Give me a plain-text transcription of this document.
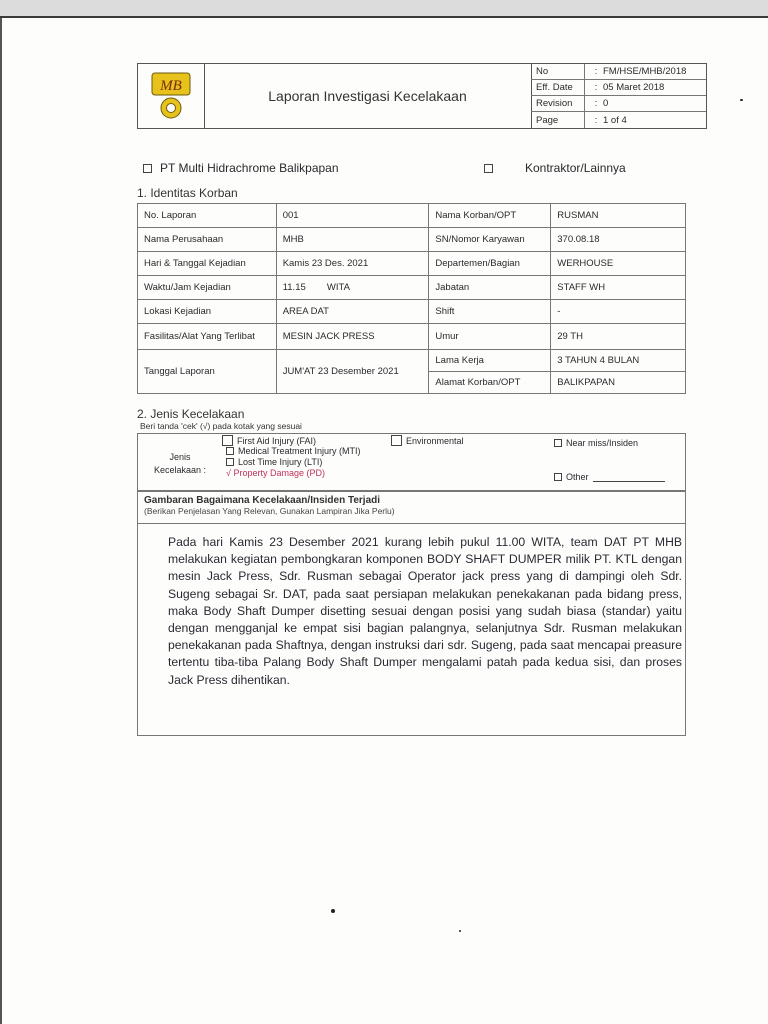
MB
Laporan Investigasi Kecelakaan
No	: FM/HSE/MHB/2018
Eff. Date	: 05 Maret 2018
Revision	: 0
Page	: 1 of 4
PT Multi Hidrachrome Balikpapan	Kontraktor/Lainnya
1. Identitas Korban
No. Laporan	001	Nama Korban/OPT	RUSMAN
Nama Perusahaan	MHB	SN/Nomor Karyawan	370.08.18
Hari & Tanggal Kejadian	Kamis 23 Des. 2021	Departemen/Bagian	WERHOUSE
Waktu/Jam Kejadian	11.15        WITA	Jabatan	STAFF WH
Lokasi Kejadian	AREA DAT	Shift	-
Fasilitas/Alat Yang Terlibat	MESIN JACK PRESS	Umur	29 TH
Tanggal Laporan	JUM'AT 23 Desember 2021	Lama Kerja	3 TAHUN 4 BULAN
		Alamat Korban/OPT	BALIKPAPAN
2. Jenis Kecelakaan
Beri tanda 'cek' (√) pada kotak yang sesuai
Jenis Kecelakaan :
First Aid Injury (FAI)
Medical Treatment Injury (MTI)
Lost Time Injury (LTI)
√ Property Damage (PD)
Environmental	Near miss/Insiden
Other
Gambaran Bagaimana Kecelakaan/Insiden Terjadi
(Berikan Penjelasan Yang Relevan, Gunakan Lampiran Jika Perlu)
Pada hari Kamis 23 Desember 2021 kurang lebih pukul 11.00 WITA, team DAT PT MHB melakukan kegiatan pembongkaran komponen BODY SHAFT DUMPER milik PT. KTL dengan mesin Jack Press, Sdr. Rusman sebagai Operator jack press yang di dampingi oleh Sdr. Sugeng sebagai Sr. DAT, pada saat persiapan melakukan penekakanan pada bidang press, maka Body Shaft Dumper disetting sesuai dengan posisi yang sudah biasa (standar) yaitu dengan mengganjal ke empat sisi bagian palangnya, selanjutnya Sdr. Rusman melakukan penekakanan pada Shaftnya, dengan instruksi dari sdr. Sugeng, pada saat mencapai preasure tertentu tiba-tiba Palang Body Shaft Dumper mengalami patah pada kedua sisi, dan proses Jack Press dihentikan.
